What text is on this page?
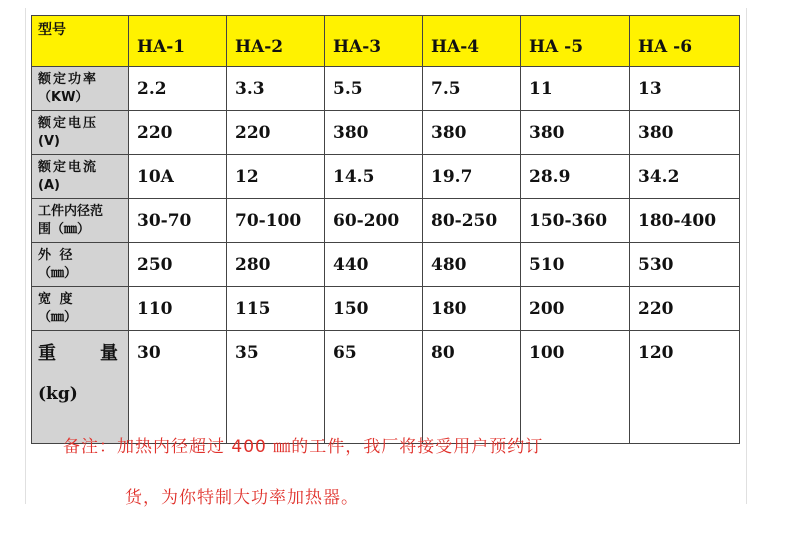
型号	HA-1	HA-2	HA-3	HA-4	HA -5	HA -6

额定功率
（KW）	2.2	3.3	5.5	7.5	11	13

额定电压
(V)	220	220	380	380	380	380

额定电流
(A)	10A	12	14.5	19.7	28.9	34.2

工件内径范
围（㎜）	30-70	70-100	60-200	80-250	150-360	180-400

外 径
（㎜）	250	280	440	480	510	530

宽 度
（㎜）	110	115	150	180	200	220

重 量
(kg)	30	35	65	80	100	120
备注：加热内径超过 400 ㎜的工件，我厂将接受用户预约订
货，为你特制大功率加热器。
